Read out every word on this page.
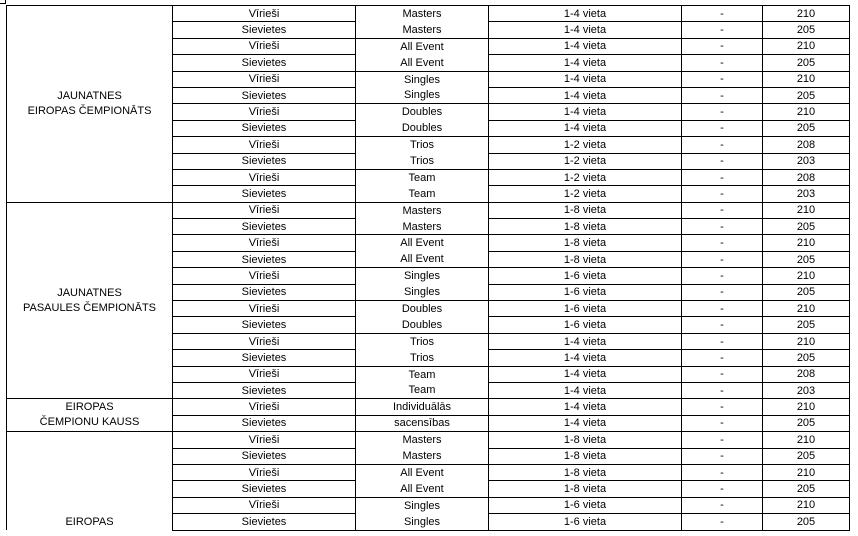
JAUNATNES
EIROPAS ČEMPIONĀTS	Vīrieši	Masters	1-4 vieta	-	210
	Sievietes	Masters	1-4 vieta	-	205
	Vīrieši	All Event	1-4 vieta	-	210
	Sievietes	All Event	1-4 vieta	-	205
	Vīrieši	Singles	1-4 vieta	-	210
	Sievietes	Singles	1-4 vieta	-	205
	Vīrieši	Doubles	1-4 vieta	-	210
	Sievietes	Doubles	1-4 vieta	-	205
	Vīrieši	Trios	1-2 vieta	-	208
	Sievietes	Trios	1-2 vieta	-	203
	Vīrieši	Team	1-2 vieta	-	208
	Sievietes	Team	1-2 vieta	-	203
JAUNATNES
PASAULES ČEMPIONĀTS	Vīrieši	Masters	1-8 vieta	-	210
	Sievietes	Masters	1-8 vieta	-	205
	Vīrieši	All Event	1-8 vieta	-	210
	Sievietes	All Event	1-8 vieta	-	205
	Vīrieši	Singles	1-6 vieta	-	210
	Sievietes	Singles	1-6 vieta	-	205
	Vīrieši	Doubles	1-6 vieta	-	210
	Sievietes	Doubles	1-6 vieta	-	205
	Vīrieši	Trios	1-4 vieta	-	210
	Sievietes	Trios	1-4 vieta	-	205
	Vīrieši	Team	1-4 vieta	-	208
	Sievietes	Team	1-4 vieta	-	203
EIROPAS
ČEMPIONU KAUSS	Vīrieši	Individuālās	1-4 vieta	-	210
	Sievietes	sacensības	1-4 vieta	-	205
EIROPAS	Vīrieši	Masters	1-8 vieta	-	210
	Sievietes	Masters	1-8 vieta	-	205
	Vīrieši	All Event	1-8 vieta	-	210
	Sievietes	All Event	1-8 vieta	-	205
	Vīrieši	Singles	1-6 vieta	-	210
	Sievietes	Singles	1-6 vieta	-	205
